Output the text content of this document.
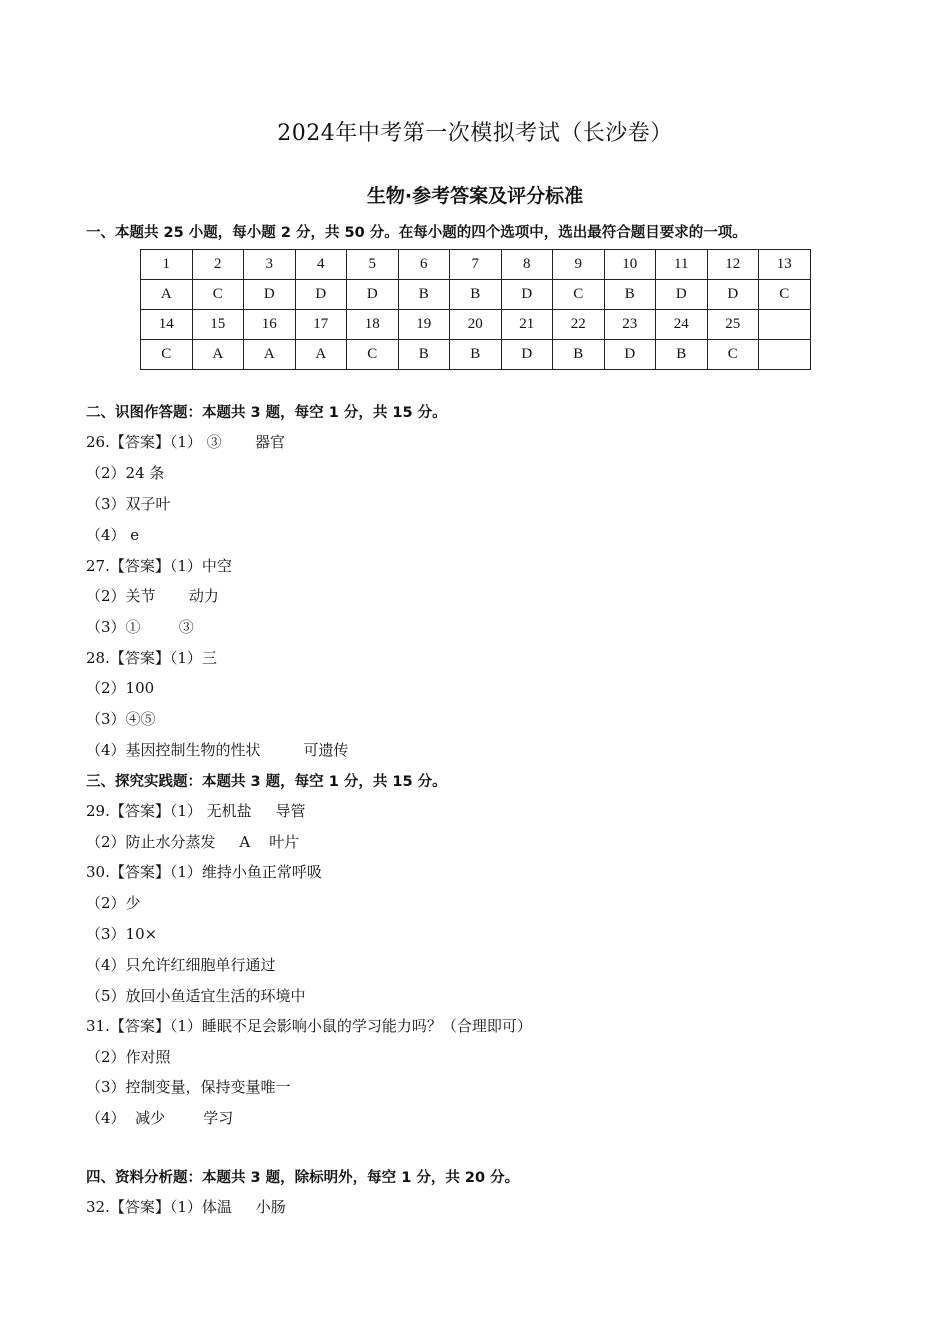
2024年中考第一次模拟考试（长沙卷）
生物·参考答案及评分标准
一、本题共 25 小题，每小题 2 分，共 50 分。在每小题的四个选项中，选出最符合题目要求的一项。
1	2	3	4	5	6	7	8	9	10	11	12	13
A	C	D	D	D	B	B	D	C	B	D	D	C
14	15	16	17	18	19	20	21	22	23	24	25	
C	A	A	A	C	B	B	D	B	D	B	C	
二、识图作答题：本题共 3 题，每空 1 分，共 15 分。
26.【答案】（1） ③       器官
（2）24 条
（3）双子叶
（4） e
27.【答案】（1）中空
（2）关节       动力
（3）①        ③
28.【答案】（1）三
（2）100
（3）④⑤
（4）基因控制生物的性状         可遗传
三、探究实践题：本题共 3 题，每空 1 分，共 15 分。
29.【答案】（1） 无机盐     导管
（2）防止水分蒸发     A    叶片
30.【答案】（1）维持小鱼正常呼吸
（2）少
（3）10×
（4）只允许红细胞单行通过
（5）放回小鱼适宜生活的环境中
31.【答案】（1）睡眠不足会影响小鼠的学习能力吗？（合理即可）
（2）作对照
（3）控制变量，保持变量唯一
（4）  减少        学习
四、资料分析题：本题共 3 题，除标明外，每空 1 分，共 20 分。
32.【答案】（1）体温     小肠
